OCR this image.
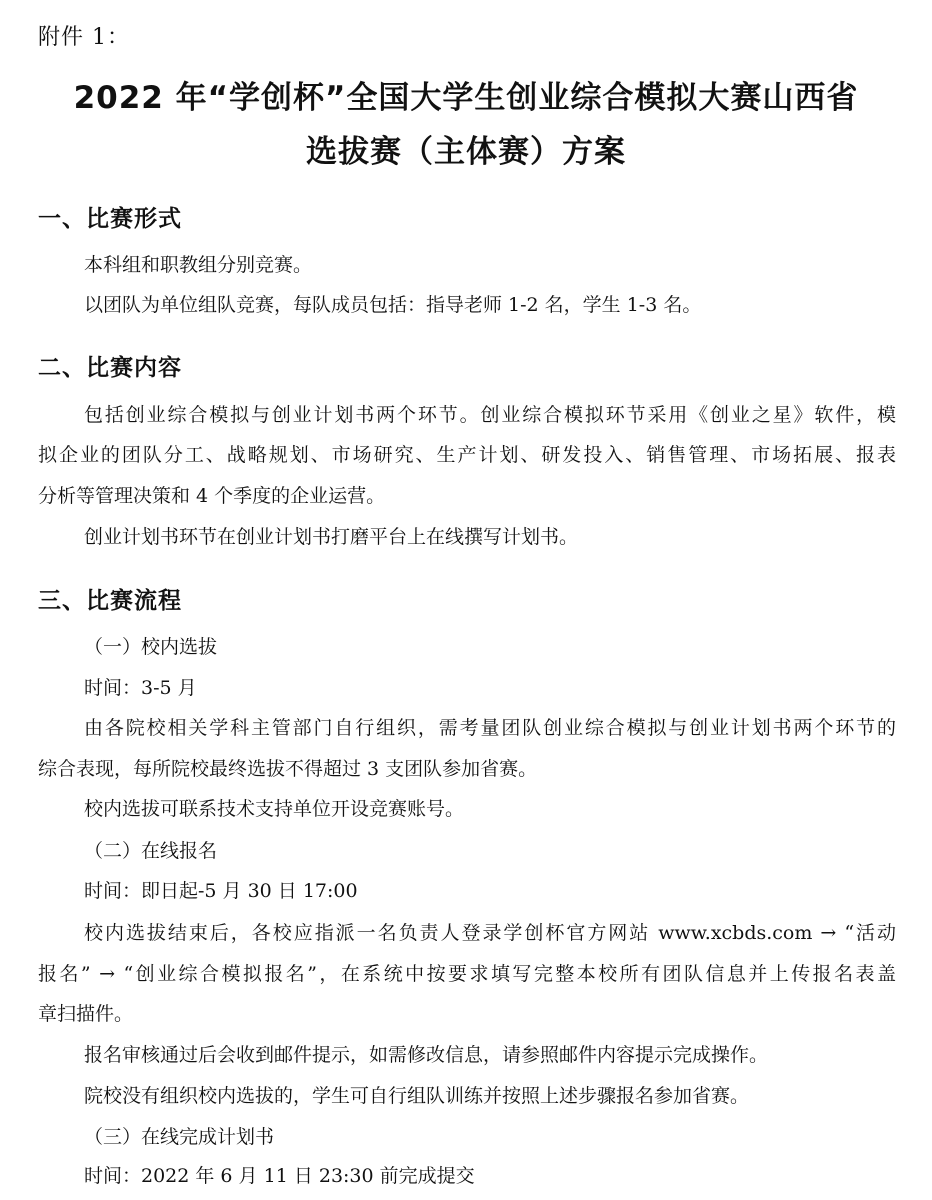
附件 1：
2022 年“学创杯”全国大学生创业综合模拟大赛山西省
选拔赛（主体赛）方案
一、比赛形式
本科组和职教组分别竞赛。
以团队为单位组队竞赛，每队成员包括：指导老师 1-2 名，学生 1-3 名。
二、比赛内容
包括创业综合模拟与创业计划书两个环节。创业综合模拟环节采用《创业之星》软件，模
拟企业的团队分工、战略规划、市场研究、生产计划、研发投入、销售管理、市场拓展、报表
分析等管理决策和 4 个季度的企业运营。
创业计划书环节在创业计划书打磨平台上在线撰写计划书。
三、比赛流程
（一）校内选拔
时间：3-5 月
由各院校相关学科主管部门自行组织，需考量团队创业综合模拟与创业计划书两个环节的
综合表现，每所院校最终选拔不得超过 3 支团队参加省赛。
校内选拔可联系技术支持单位开设竞赛账号。
（二）在线报名
时间：即日起-5 月 30 日 17:00
校内选拔结束后，各校应指派一名负责人登录学创杯官方网站 www.xcbds.com → “活动
报名” → “创业综合模拟报名”，在系统中按要求填写完整本校所有团队信息并上传报名表盖
章扫描件。
报名审核通过后会收到邮件提示，如需修改信息，请参照邮件内容提示完成操作。
院校没有组织校内选拔的，学生可自行组队训练并按照上述步骤报名参加省赛。
（三）在线完成计划书
时间：2022 年 6 月 11 日 23:30 前完成提交
